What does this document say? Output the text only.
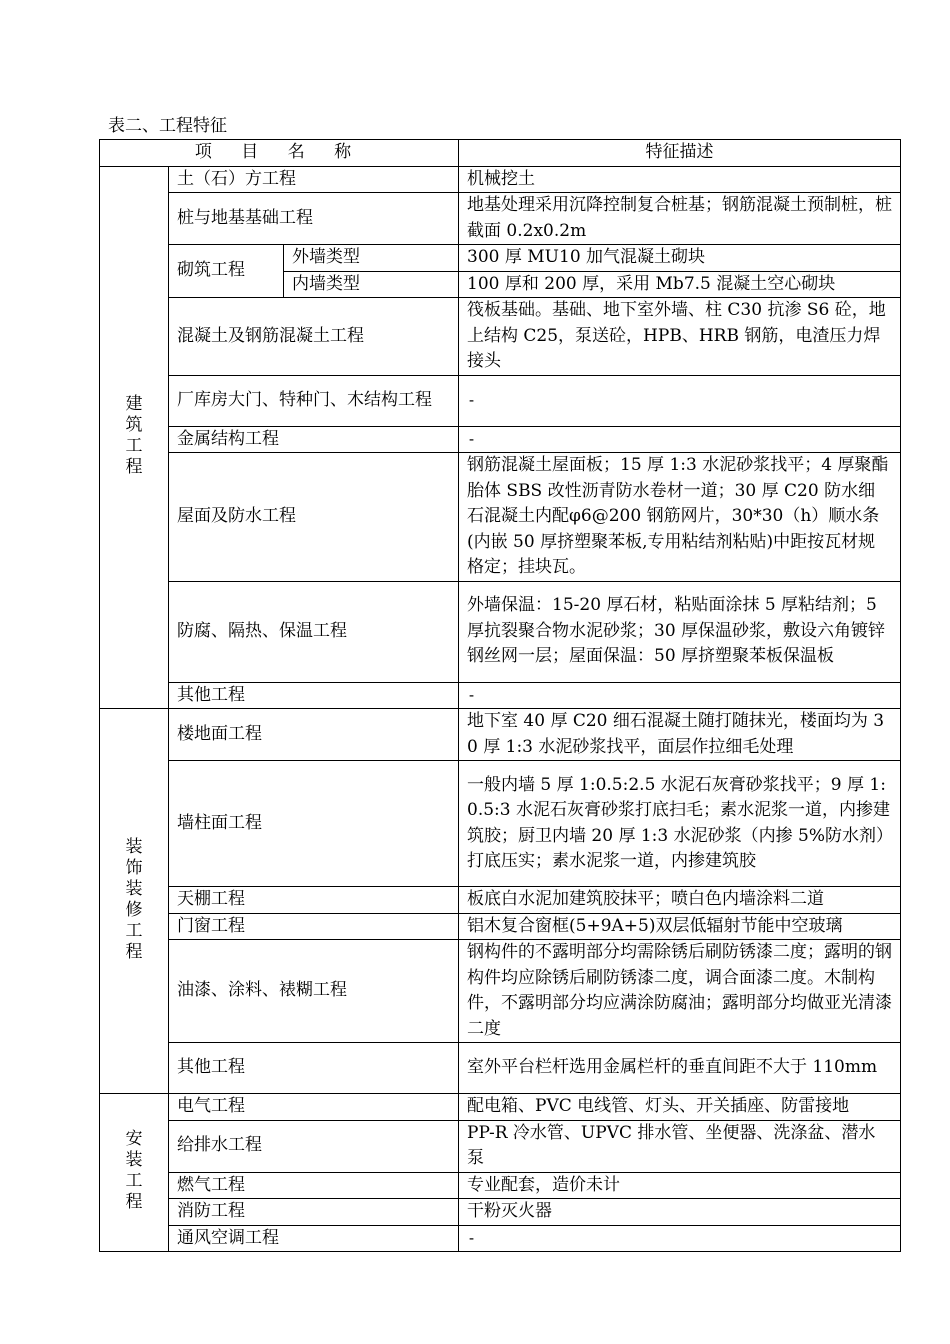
表二、工程特征
项 目 名 称			特征描述
建筑工程	土（石）方工程		机械挖土
	桩与地基基础工程		地基处理采用沉降控制复合桩基；钢筋混凝土预制桩，桩截面 0.2x0.2m
	砌筑工程	外墙类型	300 厚 MU10 加气混凝土砌块
		内墙类型	100 厚和 200 厚，采用 Mb7.5 混凝土空心砌块
	混凝土及钢筋混凝土工程		筏板基础。基础、地下室外墙、柱 C30 抗渗 S6 砼，地上结构 C25，泵送砼，HPB、HRB 钢筋，电渣压力焊接头
	厂库房大门、特种门、木结构工程		-
	金属结构工程		-
	屋面及防水工程		钢筋混凝土屋面板；15 厚 1:3 水泥砂浆找平；4 厚聚酯胎体 SBS 改性沥青防水卷材一道；30 厚 C20 防水细石混凝土内配φ6@200 钢筋网片，30*30（h）顺水条(内嵌 50 厚挤塑聚苯板,专用粘结剂粘贴)中距按瓦材规格定；挂块瓦。
	防腐、隔热、保温工程		外墙保温：15-20 厚石材，粘贴面涂抹 5 厚粘结剂；5 厚抗裂聚合物水泥砂浆；30 厚保温砂浆，敷设六角镀锌钢丝网一层；屋面保温：50 厚挤塑聚苯板保温板
	其他工程		-
装饰装修工程	楼地面工程		地下室 40 厚 C20 细石混凝土随打随抹光，楼面均为 30 厚 1:3 水泥砂浆找平，面层作拉细毛处理
	墙柱面工程		一般内墙 5 厚 1:0.5:2.5 水泥石灰膏砂浆找平；9 厚 1:0.5:3 水泥石灰膏砂浆打底扫毛；素水泥浆一道，内掺建筑胶；厨卫内墙 20 厚 1:3 水泥砂浆（内掺 5%防水剂）打底压实；素水泥浆一道，内掺建筑胶
	天棚工程		板底白水泥加建筑胶抹平；喷白色内墙涂料二道
	门窗工程		铝木复合窗框(5+9A+5)双层低辐射节能中空玻璃
	油漆、涂料、裱糊工程		钢构件的不露明部分均需除锈后刷防锈漆二度；露明的钢构件均应除锈后刷防锈漆二度，调合面漆二度。木制构件，不露明部分均应满涂防腐油；露明部分均做亚光清漆二度
	其他工程		室外平台栏杆选用金属栏杆的垂直间距不大于 110mm
安装工程	电气工程		配电箱、PVC 电线管、灯头、开关插座、防雷接地
	给排水工程		PP-R 冷水管、UPVC 排水管、坐便器、洗涤盆、潜水泵
	燃气工程		专业配套，造价未计
	消防工程		干粉灭火器
	通风空调工程		-
